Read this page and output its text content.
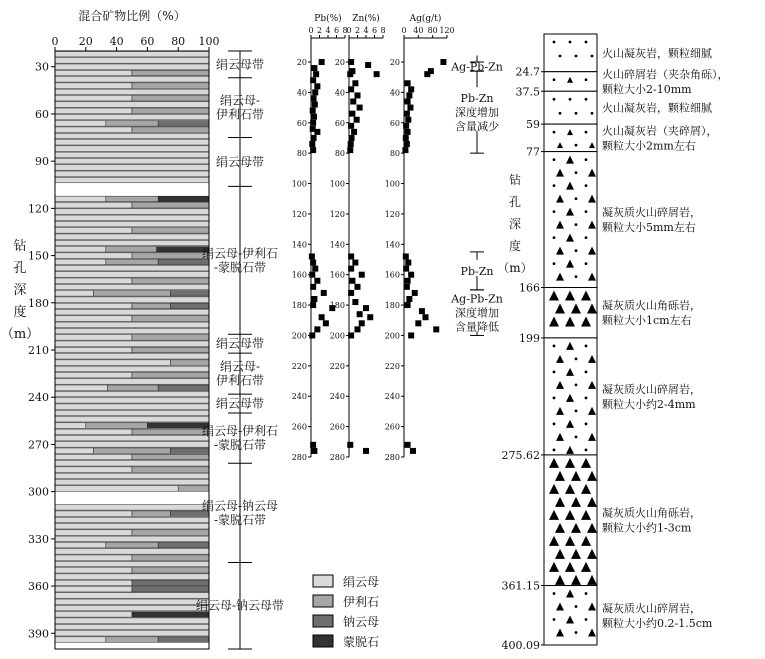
混合矿物比例（%）
0 20 40 60 80 100
30
60
90
120
150
180
210
240
270
300
330
360
390
钻
孔
深
度
（m）
绢云母带
绢云母-
伊利石带
绢云母带
绢云母-伊利石
-蒙脱石带
绢云母带
绢云母-
伊利石带
绢云母带
绢云母-伊利石
-蒙脱石带
绢云母-钠云母
-蒙脱石带
绢云母-钠云母带
Pb(%)
0 2 4 6 8
20
40
60
80
100
120
140
160
180
200
220
240
260
280
Zn(%)
0 2 4 6 8
20
40
60
80
100
120
140
160
180
200
220
240
260
280
Ag(g/t)
0 40 80 120
20
40
60
80
100
120
140
160
180
200
220
240
260
280
Ag-Pb-Zn
Pb-Zn
深度增加
含量减少
Pb-Zn
Ag-Pb-Zn
深度增加
含量降低
火山凝灰岩，颗粒细腻
火山碎屑岩（夹杂角砾），
颗粒大小2-10mm
火山凝灰岩，颗粒细腻
火山凝灰岩（夹碎屑），
颗粒大小2mm左右
凝灰质火山碎屑岩，
颗粒大小5mm左右
凝灰质火山角砾岩，
颗粒大小1cm左右
凝灰质火山碎屑岩，
颗粒大小约2-4mm
凝灰质火山角砾岩，
颗粒大小约1-3cm
凝灰质火山碎屑岩，
颗粒大小约0.2-1.5cm
24.7
37.5
59
77
166
199
275.62
361.15
400.09
钻
孔
深
度
（m）
绢云母
伊利石
钠云母
蒙脱石
